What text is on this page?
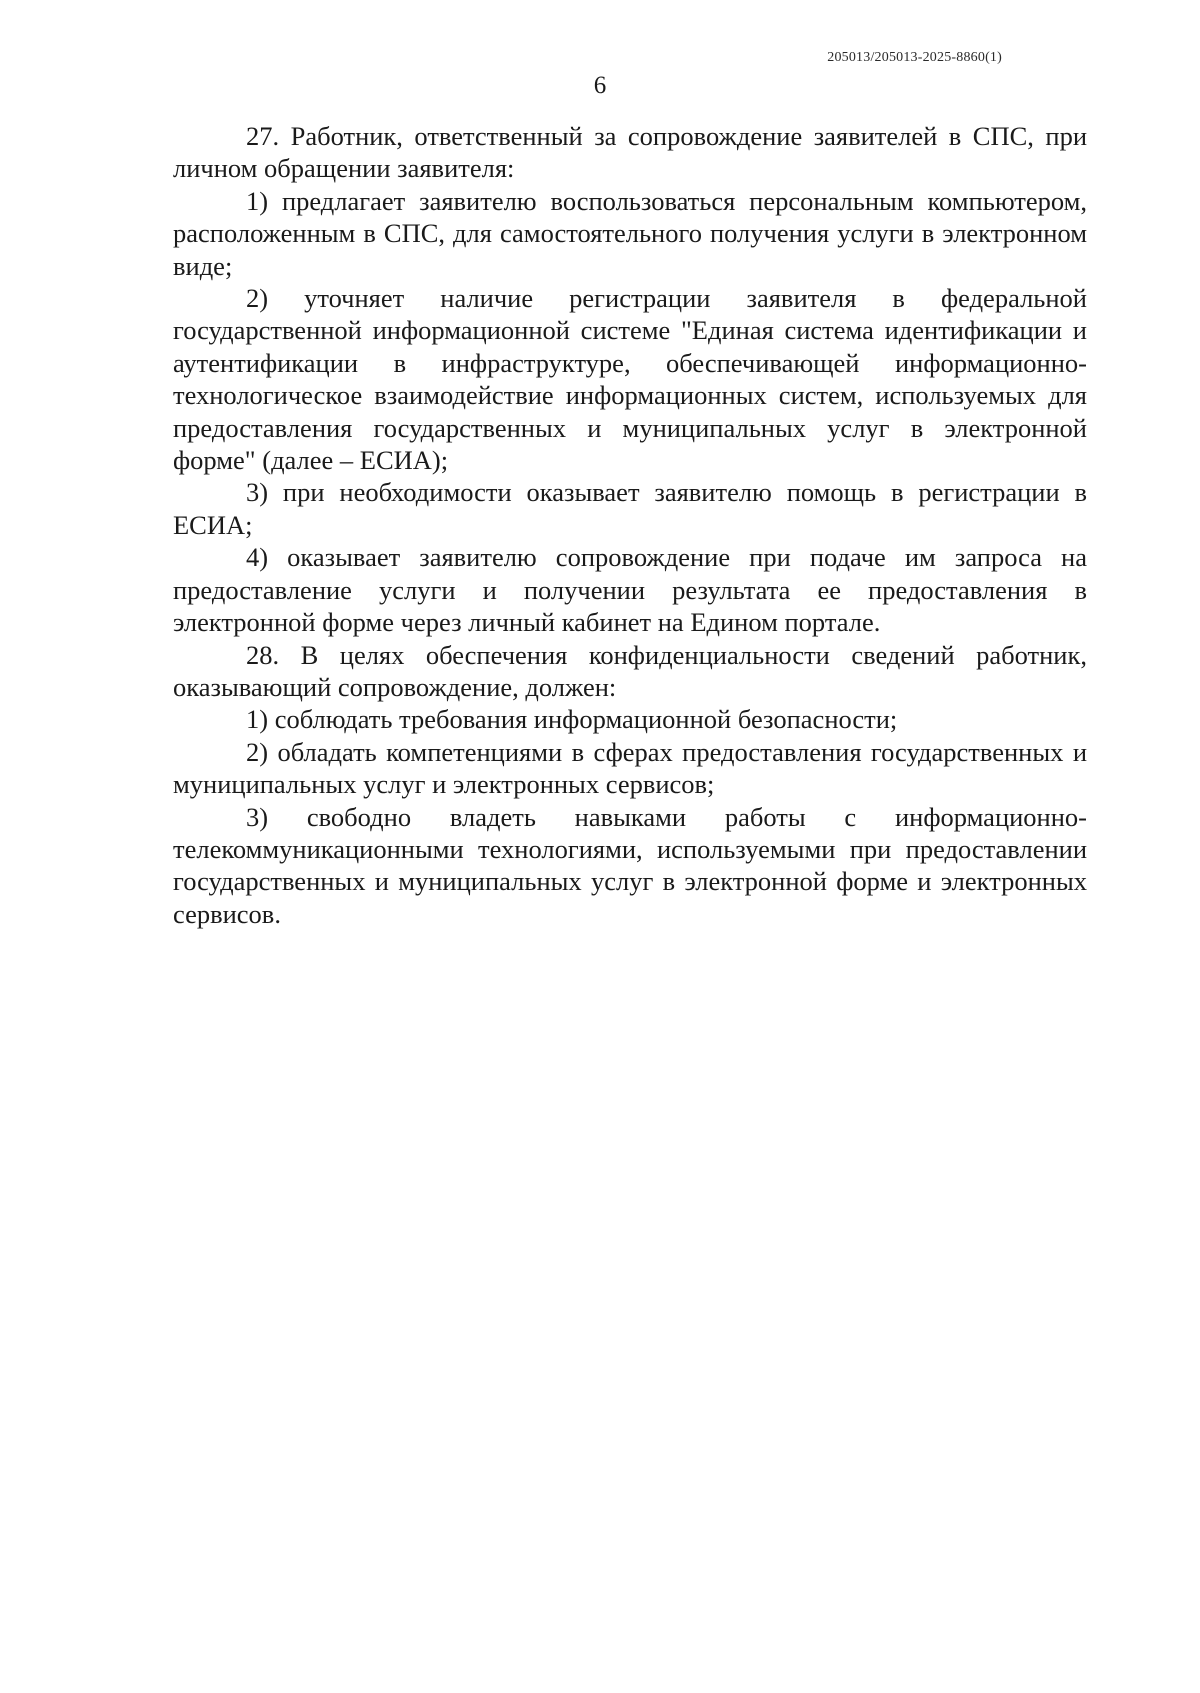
205013/205013-2025-8860(1)
6

27. Работник, ответственный за сопровождение заявителей в СПС, при личном обращении заявителя:

1) предлагает заявителю воспользоваться персональным компьютером, расположенным в СПС, для самостоятельного получения услуги в электронном виде;

2) уточняет наличие регистрации заявителя в федеральной государственной информационной системе "Единая система идентификации и аутентификации в инфраструктуре, обеспечивающей информационно-технологическое взаимодействие информационных систем, используемых для предоставления государственных и муниципальных услуг в электронной форме" (далее – ЕСИА);

3) при необходимости оказывает заявителю помощь в регистрации в ЕСИА;

4) оказывает заявителю сопровождение при подаче им запроса на предоставление услуги и получении результата ее предоставления в электронной форме через личный кабинет на Едином портале.

28. В целях обеспечения конфиденциальности сведений работник, оказывающий сопровождение, должен:

1) соблюдать требования информационной безопасности;

2) обладать компетенциями в сферах предоставления государственных и муниципальных услуг и электронных сервисов;

3) свободно владеть навыками работы с информационно-телекоммуникационными технологиями, используемыми при предоставлении государственных и муниципальных услуг в электронной форме и электронных сервисов.
